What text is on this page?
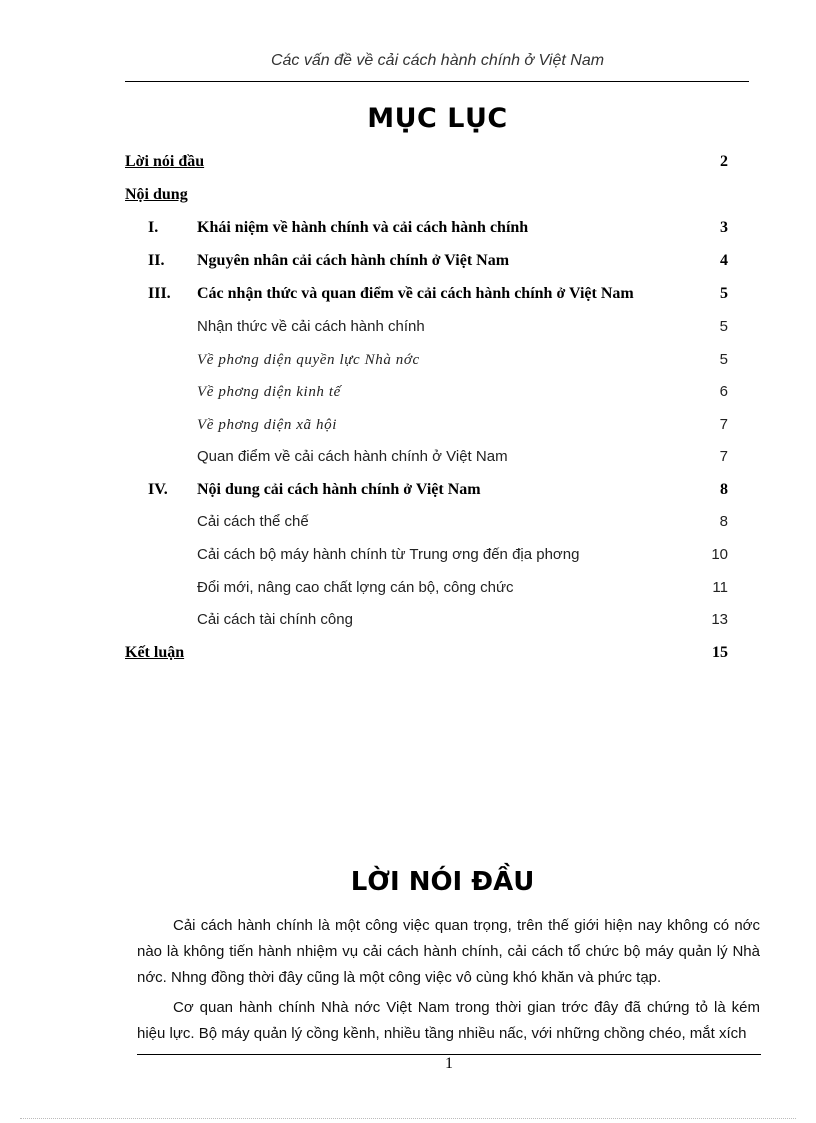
Các vấn đề về cải cách hành chính ở Việt Nam
MỤC LỤC
Lời nói đầu	2
Nội dung
I. Khái niệm về hành chính và cải cách hành chính	3
II. Nguyên nhân cải cách hành chính ở Việt Nam	4
III. Các nhận thức và quan điểm về cải cách hành chính ở Việt Nam	5
Nhận thức về cải cách hành chính	5
Về phơng diện quyền lực Nhà nớc	5
Về phơng diện kinh tế	6
Về phơng diện xã hội	7
Quan điểm về cải cách hành chính ở Việt Nam	7
IV. Nội dung cải cách hành chính ở Việt Nam	8
Cải cách thể chế	8
Cải cách bộ máy hành chính từ Trung ơng đến địa phơng	10
Đổi mới, nâng cao chất lợng cán bộ, công chức	11
Cải cách tài chính công	13
Kết luận	15
LỜI NÓI ĐẦU

Cải cách hành chính là một công việc quan trọng, trên thế giới hiện nay không có nớc nào là không tiến hành nhiệm vụ cải cách hành chính, cải cách tổ chức bộ máy quản lý Nhà nớc. Nhng đồng thời đây cũng là một công việc vô cùng khó khăn và phức tạp.

Cơ quan hành chính Nhà nớc Việt Nam trong thời gian trớc đây đã chứng tỏ là kém hiệu lực. Bộ máy quản lý cồng kềnh, nhiều tầng nhiều nấc, với những chồng chéo, mắt xích

1
